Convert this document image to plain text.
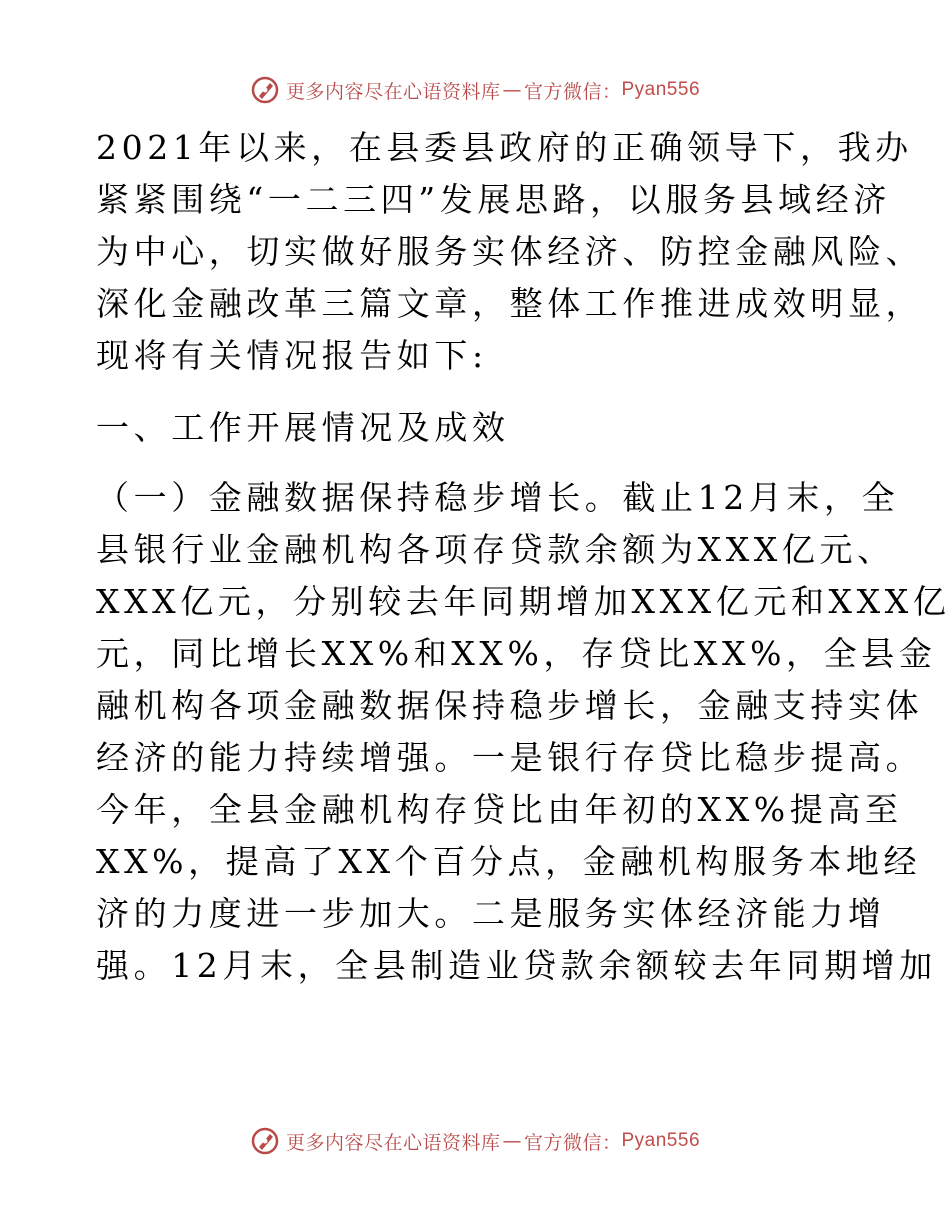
更多内容尽在心语资料库 — 官方微信： Pyan556
2021年以来，在县委县政府的正确领导下，我办
紧紧围绕“一二三四”发展思路，以服务县域经济
为中心，切实做好服务实体经济、防控金融风险、
深化金融改革三篇文章，整体工作推进成效明显，
现将有关情况报告如下:
一、工作开展情况及成效
（一）金融数据保持稳步增长。截止12月末，全
县银行业金融机构各项存贷款余额为XXX亿元、
XXX亿元，分别较去年同期增加XXX亿元和XXX亿
元，同比增长XX%和XX%，存贷比XX%，全县金
融机构各项金融数据保持稳步增长，金融支持实体
经济的能力持续增强。一是银行存贷比稳步提高。
今年，全县金融机构存贷比由年初的XX%提高至
XX%，提高了XX个百分点，金融机构服务本地经
济的力度进一步加大。二是服务实体经济能力增
强。12月末，全县制造业贷款余额较去年同期增加
更多内容尽在心语资料库 — 官方微信： Pyan556
